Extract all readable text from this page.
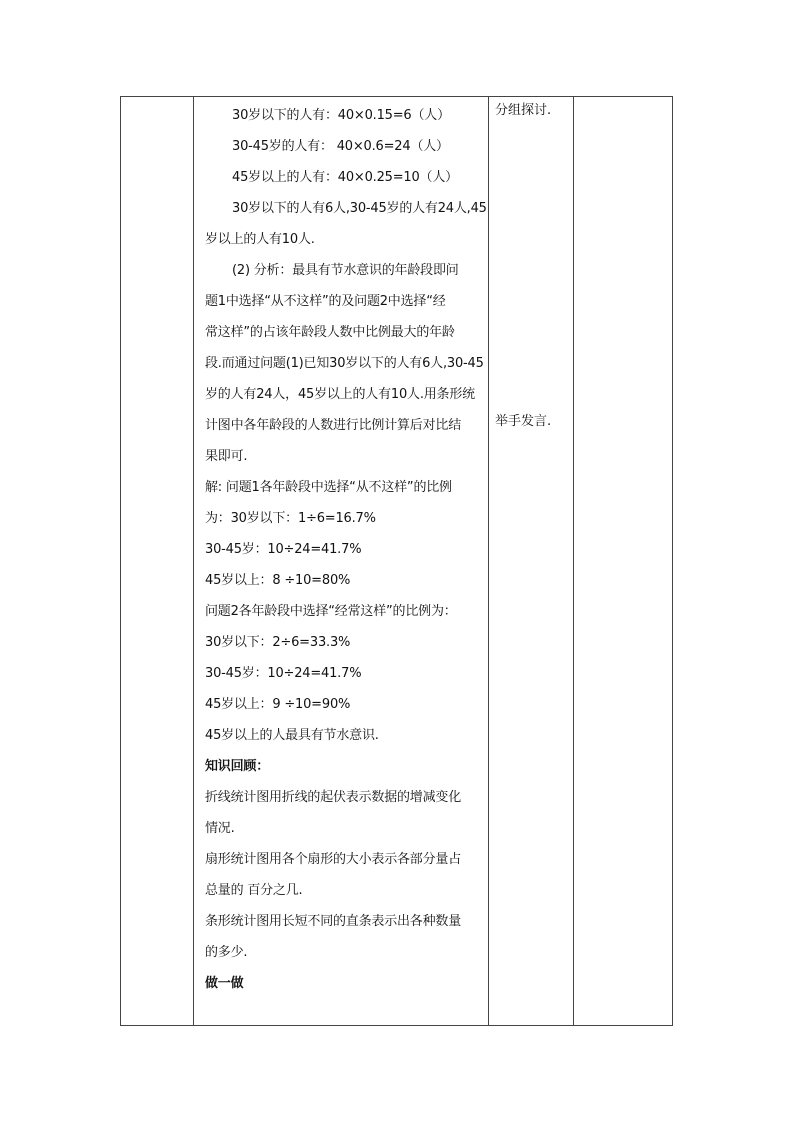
30岁以下的人有：40×0.15=6（人）

30-45岁的人有： 40×0.6=24（人）

45岁以上的人有：40×0.25=10（人）

30岁以下的人有6人,30-45岁的人有24人,45

岁以上的人有10人.

(2) 分析：最具有节水意识的年龄段即问

题1中选择“从不这样”的及问题2中选择“经

常这样”的占该年龄段人数中比例最大的年龄

段.而通过问题(1)已知30岁以下的人有6人,30-45

岁的人有24人，45岁以上的人有10人.用条形统

计图中各年龄段的人数进行比例计算后对比结

果即可.

解: 问题1各年龄段中选择“从不这样”的比例

为：30岁以下：1÷6=16.7%

30-45岁：10÷24=41.7%

45岁以上：8 ÷10=80%

问题2各年龄段中选择“经常这样”的比例为：

30岁以下：2÷6=33.3%

30-45岁：10÷24=41.7%

45岁以上：9 ÷10=90%

45岁以上的人最具有节水意识.

知识回顾：

折线统计图用折线的起伏表示数据的增减变化

情况.

扇形统计图用各个扇形的大小表示各部分量占

总量的 百分之几.

条形统计图用长短不同的直条表示出各种数量

的多少.

做一做

分组探讨.
举手发言.
